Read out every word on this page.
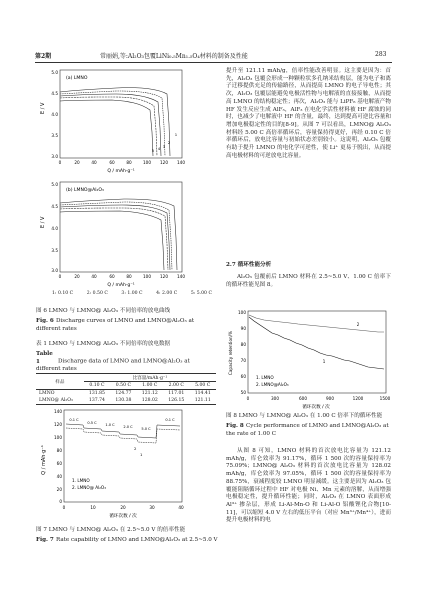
第2期	常丽娟,等:Al₂O₃包覆LiNi₀.₅Mn₁.₅O₄材料的制备及性能	283
E / V
5.0
4.5
4.0
3.5
3.0
0	20	40	60	80	100 120 140
Q / mAh·g⁻¹
(a) LMNO
1
2
3
4
5
E / V
5.0
4.5
4.0
3.5
3.0
0	20	40	60	80	100 120 140
Q / mAh·g⁻¹
(b) LMNO@Al₂O₃
1: 0.10 C	2: 0.50 C	3: 1.00 C	4: 2.00 C	5: 5.00 C
图 6 LMNO 与 LMNO@ Al₂O₃ 不同倍率的放电曲线
Fig. 6 Discharge curves of LMNO and LMNO@Al₂O₃ at different rates
表 1 LMNO 与 LMNO@ Al₂O₃ 不同倍率的放电数据
Table 1	Discharge data of LMNO and LMNO@Al₂O₃ at different rates
样品	比容量/mAh·g⁻¹				
	0.10 C	0.50 C	1.00 C	2.00 C	5.00 C
LMNO	131.85	124.77	121.12	117.01	114.41
LMNO@ Al₂O₃	137.74	130.38	128.02	126.15	121.11
Q / mAh·g⁻¹
140
120
100
80
60
40
20
0
0	10	20	30	40
循环次数 / 次
0.1 C
0.5 C 1.0 C 2.0 C 5.0 C
0.1 C
2
1
1. LMNO
2. LMNO@ Al₂O₃
图 7 LMNO 与 LMNO@ Al₂O₃ 在 2.5~5.0 V 的倍率性能
Fig. 7 Rate capability of LMNO and LMNO@Al₂O₃ at 2.5~5.0 V
提升至 121.11 mAh/g，倍率性能改善明显。这主要是因为：首先，Al₂O₃ 包覆会形成一种颗粒状多孔纳米结构层，能为电子和离子迁移提供充足的传输路径，从而提高 LMNO 的电子导电性；其次，Al₂O₃ 包覆层能避免电极活性物与电解液的直接接触，从而提高 LMNO 的结构稳定性；再次，Al₂O₃ 能与 LiPF₆ 基电解液产物 HF 发生反应生成 AlF₃，AlF₃ 在电化学活性材料被 HF 腐蚀的同时，也减少了电解液中 HF 的含量，最终，达到提高可逆比容量和增加电极稳定性的目的[8-9]。从图 7 可以看出，LMNO@ Al₂O₃ 材料经 5.00 C 高倍率循环后，容量保持得更好，再经 0.10 C 倍率循环后，放电比容量与初始状态差别较小。这说明，Al₂O₃ 包覆有助于提升 LMNO 的电化学可逆性，使 Li⁺ 更易于脱出，从而提高电极材料的可逆放电比容量。
2.7 循环性能分析
Al₂O₃ 包覆前后 LMNO 材料在 2.5~5.0 V、1.00 C 倍率下的循环性能见图 8。
Capacity retention/%
100
90
80
70
60
50
0	300	600	900	1200	1500
循环次数 / 次
2
1
1. LMNO
2. LMNO@Al₂O₃
图 8 LMNO 与 LMNO@ Al₂O₃ 在 1.00 C 倍率下的循环性能
Fig. 8 Cycle performance of LMNO and LMNO@Al₂O₃ at the rate of 1.00 C
从图 8 可知，LMNO 材料的首次放电比容量为 121.12 mAh/g，库仑效率为 91.17%，循环 1 500 次的容量保持率为 75.09%；LMNO@ Al₂O₃ 材料的首次放电比容量为 128.02 mAh/g，库仑效率为 97.05%，循环 1 500 次的容量保持率为 88.75%，衰减程度较 LMNO 明显减缓。这主要是因为 Al₂O₃ 包覆能阻隔循环过程中 HF 对电极 Ni、Mn 元素的溶解，从而增强电极稳定性，提升循环性能；同时，Al₂O₃ 在 LMNO 表面形成 Al³⁺ 掺杂层，形成 Li-Al-Mn-O 和 Li-Al-O 铝酸锂化合物[10-11]，可以缩短 4.0 V 左右的低压平台（对应 Mn³⁺/Mn⁴⁺），进而提升电极材料的电
